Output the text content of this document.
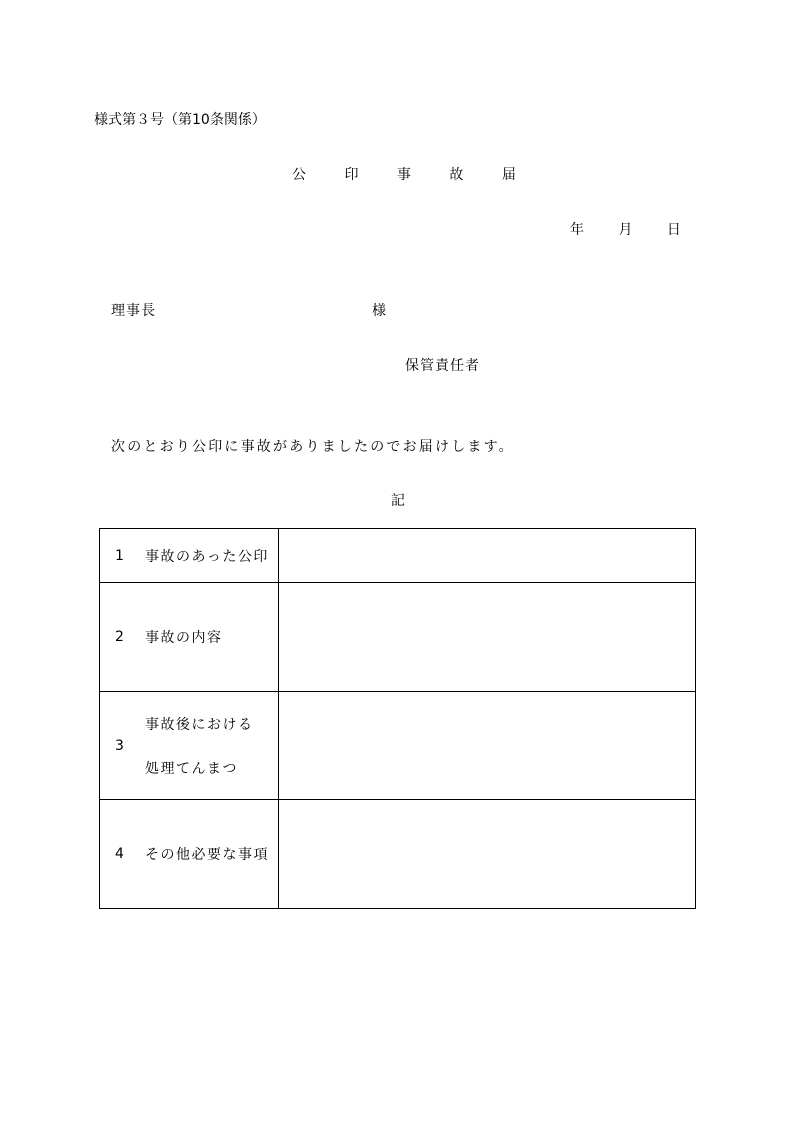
様式第３号（第10条関係）
公	印	事	故	届
年 月 日
理事長	様
保管責任者
次のとおり公印に事故がありましたのでお届けします。
記
1 事故のあった公印	

2 事故の内容	

3
事故後における
処理てんまつ	

4 その他必要な事項	
